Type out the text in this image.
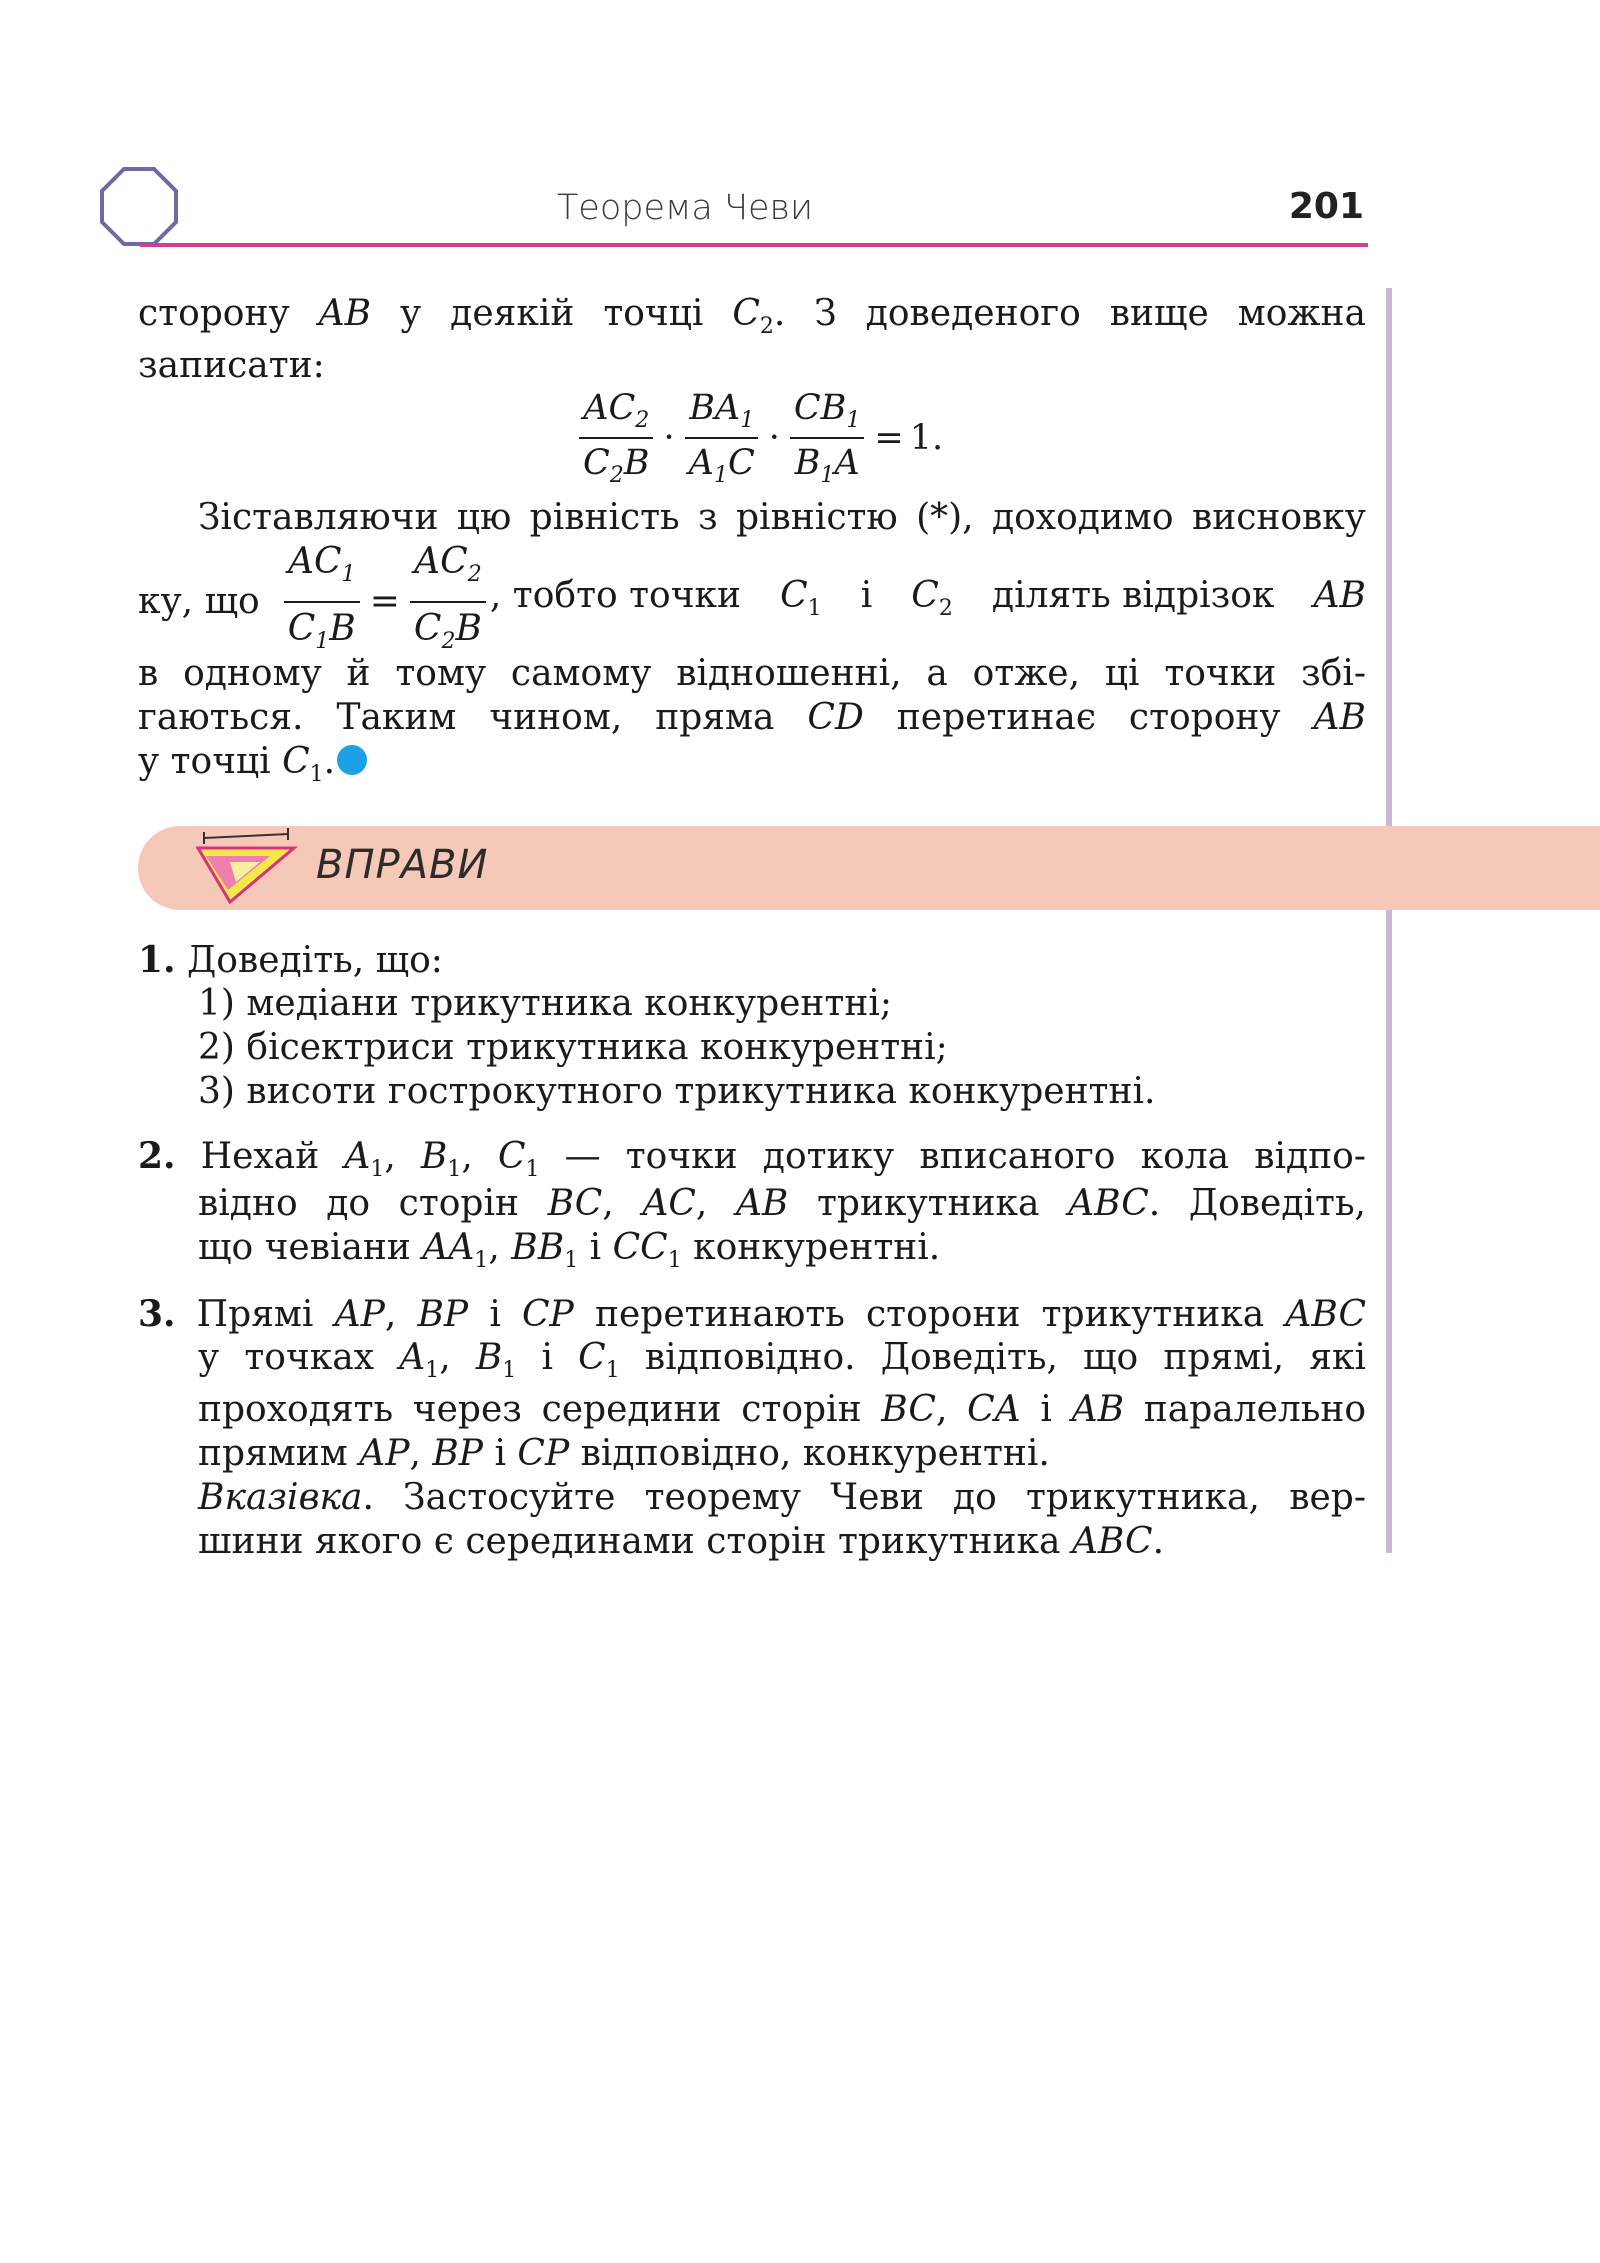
Теорема Чеви	201
сторону AB у деякій точці $C_2$. З доведеного вище можна
записати:
$\frac{AC_2}{C_2B} \cdot \frac{BA_1}{A_1C} \cdot \frac{CB_1}{B_1A} = 1$.
Зіставляючи цю рівність з рівністю (*), доходимо висновку
ку, що $\frac{AC_1}{C_1B} = \frac{AC_2}{C_2B}$ , тобто точки $C_1$ і $C_2$ ділять відрізок AB
в одному й тому самому відношенні, а отже, ці точки збі-
гаються. Таким чином, пряма CD перетинає сторону AB
у точці $C_1$.
ВПРАВИ
1. Доведіть, що:
1) медіани трикутника конкурентні;
2) бісектриси трикутника конкурентні;
3) висоти гострокутного трикутника конкурентні.
2. Нехай $A_1$, $B_1$, $C_1$ — точки дотику вписаного кола відпо-
відно до сторін BC, AC, AB трикутника ABC. Доведіть,
що чевіани $AA_1$, $BB_1$ і $CC_1$ конкурентні.
3. Прямі AP, BP і CP перетинають сторони трикутника ABC
у точках $A_1$, $B_1$ і $C_1$ відповідно. Доведіть, що прямі, які
проходять через середини сторін BC, CA і AB паралельно
прямим AP, BP і CP відповідно, конкурентні.
Вказівка. Застосуйте теорему Чеви до трикутника, вер-
шини якого є серединами сторін трикутника ABC.
